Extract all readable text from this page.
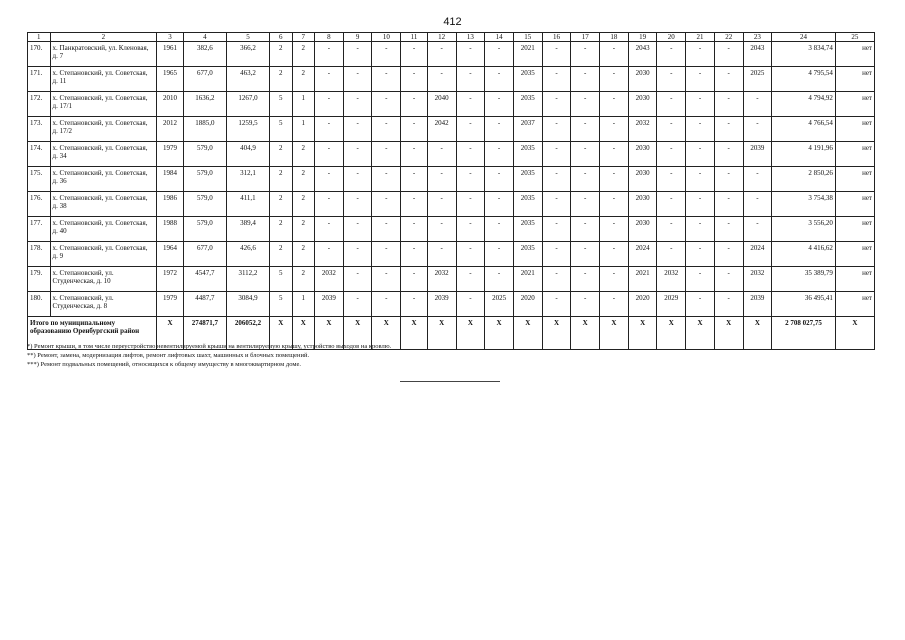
412
1	2	3	4	5	6	7	8	9	10	11	12	13	14	15	16	17	18	19	20	21	22	23	24	25
170.	х. Панкратовский, ул. Кленовая, д. 7	1961	382,6	366,2	2	2	-	-	-	-	-	-	-	2021	-	-	-	2043	-	-	-	2043	3 834,74	нет
171.	х. Степановский, ул. Советская, д. 11	1965	677,0	463,2	2	2	-	-	-	-	-	-	-	2035	-	-	-	2030	-	-	-	2025	4 795,54	нет
172.	х. Степановский, ул. Советская, д. 17/1	2010	1636,2	1267,0	5	1	-	-	-	-	2040	-	-	2035	-	-	-	2030	-	-	-	-	4 794,92	нет
173.	х. Степановский, ул. Советская, д. 17/2	2012	1885,0	1259,5	5	1	-	-	-	-	2042	-	-	2037	-	-	-	2032	-	-	-	-	4 766,54	нет
174.	х. Степановский, ул. Советская, д. 34	1979	579,0	404,9	2	2	-	-	-	-	-	-	-	2035	-	-	-	2030	-	-	-	2039	4 191,96	нет
175.	х. Степановский, ул. Советская, д. 36	1984	579,0	312,1	2	2	-	-	-	-	-	-	-	2035	-	-	-	2030	-	-	-	-	2 850,26	нет
176.	х. Степановский, ул. Советская, д. 38	1986	579,0	411,1	2	2	-	-	-	-	-	-	-	2035	-	-	-	2030	-	-	-	-	3 754,38	нет
177.	х. Степановский, ул. Советская, д. 40	1988	579,0	389,4	2	2	-	-	-	-	-	-	-	2035	-	-	-	2030	-	-	-	-	3 556,20	нет
178.	х. Степановский, ул. Советская, д. 9	1964	677,0	426,6	2	2	-	-	-	-	-	-	-	2035	-	-	-	2024	-	-	-	2024	4 416,62	нет
179.	х. Степановский, ул. Студенческая, д. 10	1972	4547,7	3112,2	5	2	2032	-	-	-	2032	-	-	2021	-	-	-	2021	2032	-	-	2032	35 389,79	нет
180.	х. Степановский, ул. Студенческая, д. 8	1979	4487,7	3084,9	5	1	2039	-	-	-	2039	-	2025	2020	-	-	-	2020	2029	-	-	2039	36 495,41	нет
Итого по муниципальному образованию Оренбургский район		X	274871,7	206052,2	X	X	X	X	X	X	X	X	X	X	X	X	X	X	X	X	X	X	2 708 027,75	X
*) Ремонт крыши, в том числе переустройство невентилируемой крыши на вентилируемую крышу, устройство выходов на кровлю.
**) Ремонт, замена, модернизация лифтов, ремонт лифтовых шахт, машинных и блочных помещений.
***) Ремонт подвальных помещений, относящихся к общему имуществу в многоквартирном доме.
